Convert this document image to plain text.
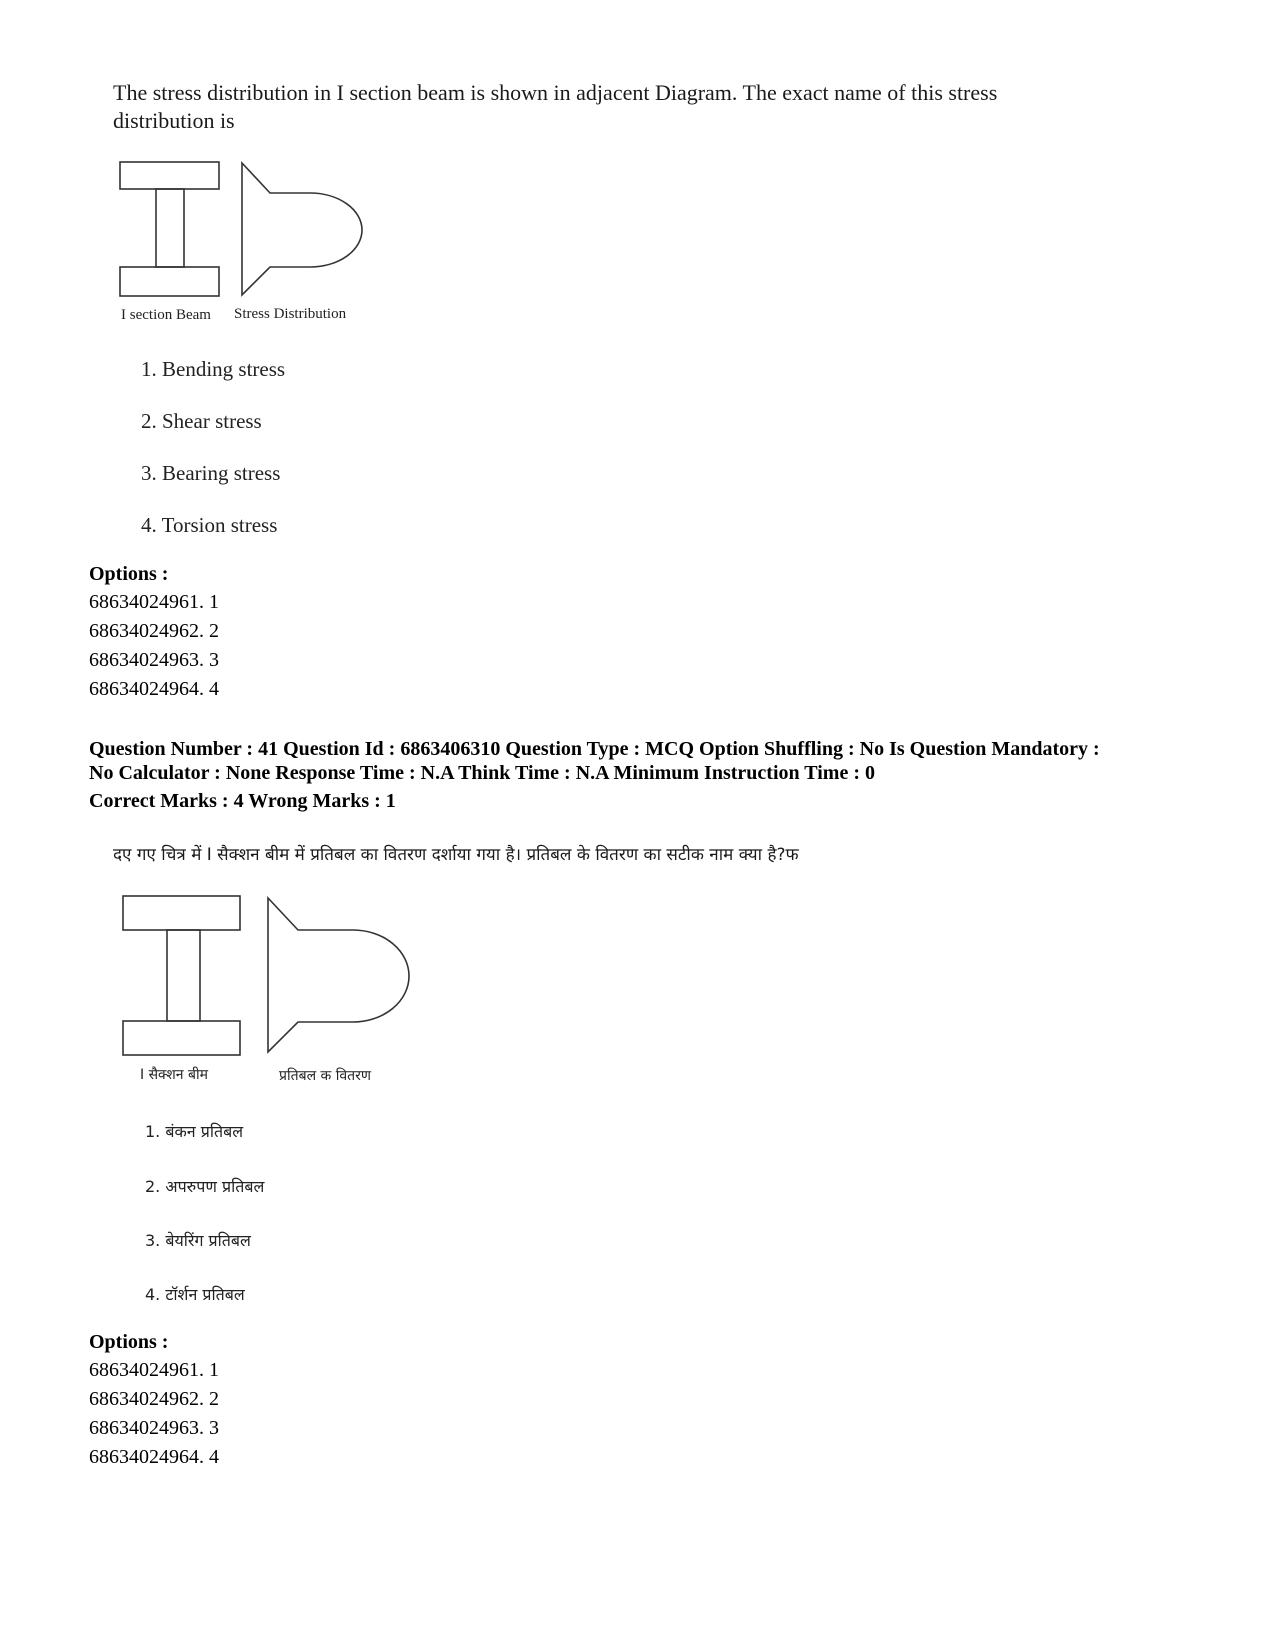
The stress distribution in I section beam is shown in adjacent Diagram. The exact name of this stress distribution is
I section Beam Stress Distribution
1. Bending stress
2. Shear stress
3. Bearing stress
4. Torsion stress
Options :
68634024961. 1
68634024962. 2
68634024963. 3
68634024964. 4
Question Number : 41 Question Id : 6863406310 Question Type : MCQ Option Shuffling : No Is Question Mandatory :
No Calculator : None Response Time : N.A Think Time : N.A Minimum Instruction Time : 0
Correct Marks : 4 Wrong Marks : 1
दए गए चित्र में I सैक्शन बीम में प्रतिबल का वितरण दर्शाया गया है। प्रतिबल के वितरण का सटीक नाम क्या है?फ
I सैक्शन बीम	प्रतिबल क वितरण
1. बंकन प्रतिबल
2. अपरुपण प्रतिबल
3. बेयरिंग प्रतिबल
4. टॉर्शन प्रतिबल
Options :
68634024961. 1
68634024962. 2
68634024963. 3
68634024964. 4
